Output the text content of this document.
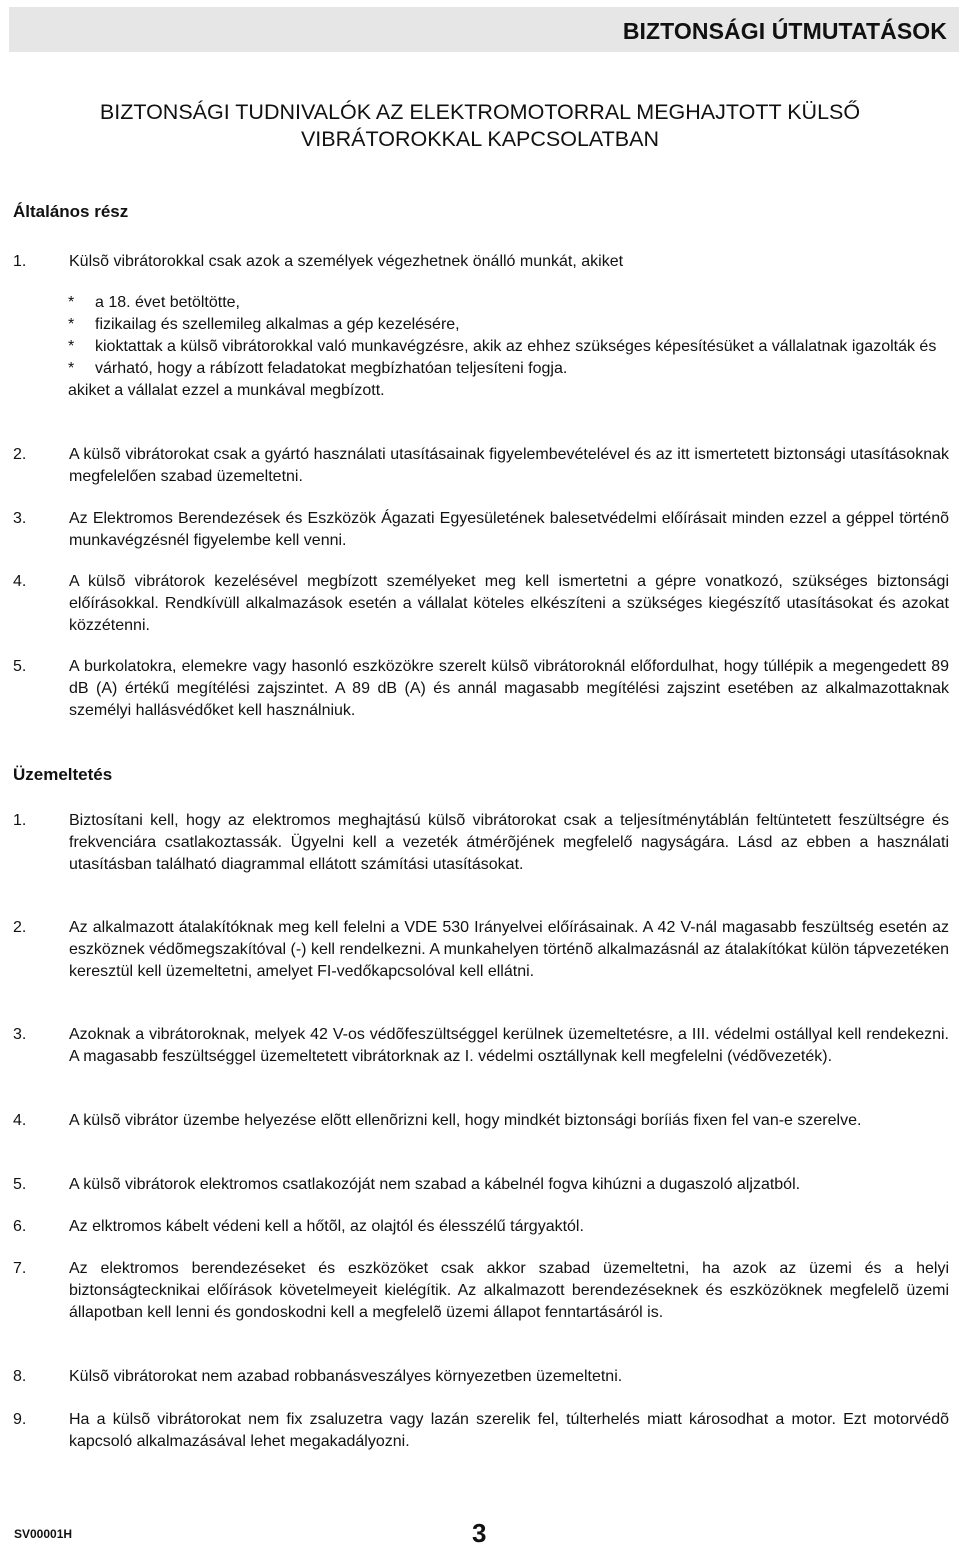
BIZTONSÁGI ÚTMUTATÁSOK
BIZTONSÁGI TUDNIVALÓK AZ ELEKTROMOTORRAL MEGHAJTOTT KÜLSŐ
VIBRÁTOROKKAL KAPCSOLATBAN
Általános rész
1.	Külsõ vibrátorokkal csak azok a személyek végezhetnek önálló munkát, akiket
* a 18. évet betöltötte,
* fizikailag és szellemileg alkalmas a gép kezelésére,
* kioktattak a külsõ vibrátorokkal való munkavégzésre, akik az ehhez szükséges képesítésüket a vállalatnak igazolták és
* várható, hogy a rábízott feladatokat megbízhatóan teljesíteni fogja.
akiket a vállalat ezzel a munkával megbízott.
2.	A külsõ vibrátorokat csak a gyártó használati utasításainak figyelembevételével és az itt ismertetett biztonsági utasításoknak megfelelően szabad üzemeltetni.
3.	Az Elektromos Berendezések és Eszközök Ágazati Egyesületének balesetvédelmi előírásait minden ezzel a géppel történõ munkavégzésnél figyelembe kell venni.
4.	A külsõ vibrátorok kezelésével megbízott személyeket meg kell ismertetni a gépre vonatkozó, szükséges biztonsági előírásokkal. Rendkívüll alkalmazások esetén a vállalat köteles elkészíteni a szükséges kiegészítő utasításokat és azokat közzétenni.
5.	A burkolatokra, elemekre vagy hasonló eszközökre szerelt külsõ vibrátoroknál előfordulhat, hogy túllépik a megengedett 89 dB (A) értékű megítélési zajszintet. A 89 dB (A) és annál magasabb megítélési zajszint esetében az alkalmazottaknak személyi hallásvédőket kell használniuk.
Üzemeltetés
1.	Biztosítani kell, hogy az elektromos meghajtású külsõ vibrátorokat csak a teljesítménytáblán feltüntetett feszültségre és frekvenciára csatlakoztassák. Ügyelni kell a vezeték átmérõjének megfelelő nagyságára. Lásd az ebben a használati utasításban található diagrammal ellátott számítási utasításokat.
2.	Az alkalmazott átalakítóknak meg kell felelni a VDE 530 Irányelvei előírásainak. A 42 V-nál magasabb feszültség esetén az eszköznek védõmegszakítóval (-) kell rendelkezni. A munkahelyen történõ alkalmazásnál az átalakítókat külön tápvezetéken keresztül kell üzemeltetni, amelyet FI-vedőkapcsolóval kell ellátni.
3.	Azoknak a vibrátoroknak, melyek 42 V-os védõfeszültséggel kerülnek üzemeltetésre, a III. védelmi ostállyal kell rendekezni. A magasabb feszültséggel üzemeltetett vibrátorknak az I. védelmi osztállynak kell megfelelni (védõvezeték).
4.	A külsõ vibrátor üzembe helyezése elõtt ellenõrizni kell, hogy mindkét biztonsági boríiás fixen fel van-e szerelve.
5.	A külsõ vibrátorok elektromos csatlakozóját nem szabad a kábelnél fogva kihúzni a dugaszoló aljzatból.
6.	Az elktromos kábelt védeni kell a hőtõl, az olajtól és élesszélű tárgyaktól.
7.	Az elektromos berendezéseket és eszközöket csak akkor szabad üzemeltetni, ha azok az üzemi és a helyi biztonságtecknikai előírások követelmeyeit kielégítik. Az alkalmazott berendezéseknek és eszközöknek megfelelõ üzemi állapotban kell lenni és gondoskodni kell a megfelelõ üzemi állapot fenntartásáról is.
8.	Külsõ vibrátorokat nem azabad robbanásveszályes környezetben üzemeltetni.
9.	Ha a külsõ vibrátorokat nem fix zsaluzetra vagy lazán szerelik fel, túlterhelés miatt károsodhat a motor. Ezt motorvédõ kapcsoló alkalmazásával lehet megakadályozni.
SV00001H	3
